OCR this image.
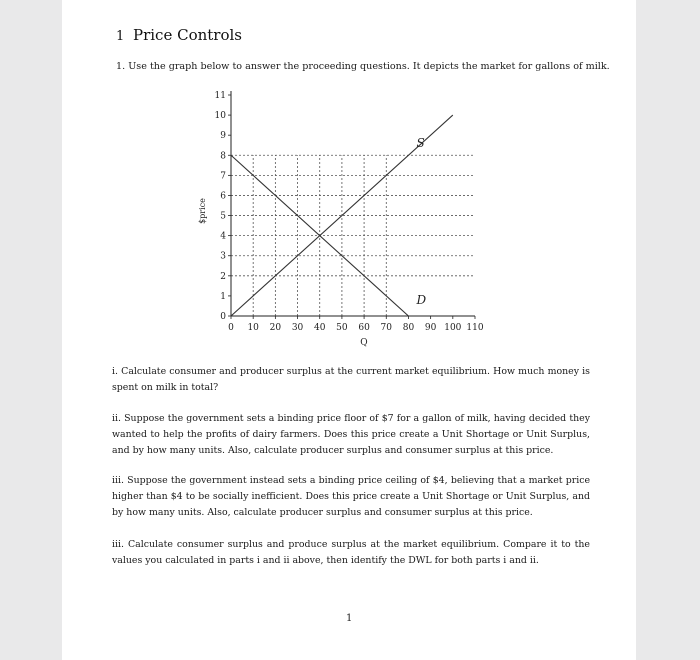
1 Price Controls
1. Use the graph below to answer the proceeding questions. It depicts the market for gallons of milk.
0
1
2
3
4
5
6
7
8
9
10
11
0 10 20 30 40 50 60 70 80 90 100 110
S
D
$price
Q
i. Calculate consumer and producer surplus at the current market equilibrium. How much money is spent on milk in total?
ii. Suppose the government sets a binding price floor of $7 for a gallon of milk, having decided they wanted to help the profits of dairy farmers. Does this price create a Unit Shortage or Unit Surplus, and by how many units. Also, calculate producer surplus and consumer surplus at this price.
iii. Suppose the government instead sets a binding price ceiling of $4, believing that a market price higher than $4 to be socially inefficient. Does this price create a Unit Shortage or Unit Surplus, and by how many units. Also, calculate producer surplus and consumer surplus at this price.
iii. Calculate consumer surplus and produce surplus at the market equilibrium. Compare it to the values you calculated in parts i and ii above, then identify the DWL for both parts i and ii.
1
